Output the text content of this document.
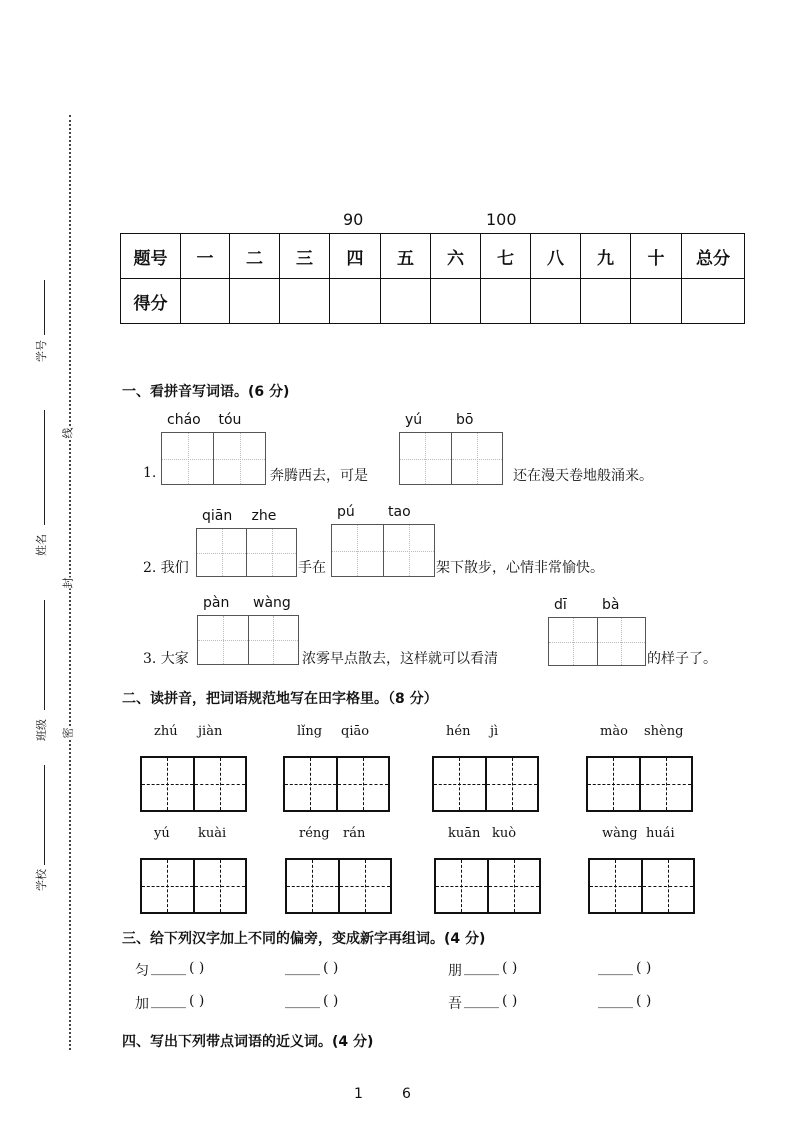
学号
姓名
班级
学校
线
封
密
90	100
题号	一	二	三	四	五	六	七	八	九	十	总分
得分											
一、看拼音写词语。(6 分)
1.
cháo tóu	yú bō
奔腾西去，可是	还在漫天卷地般涌来。
2. 我们
qiān zhe	pú tao
手在	架下散步，心情非常愉快。
3. 大家
pàn wàng	dī	bà
浓雾早点散去，这样就可以看清	的样子了。
二、读拼音，把词语规范地写在田字格里。（8 分）
zhú jiàn	lǐng qiāo	hén jì	mào shèng
yú kuài	réng rán	kuān kuò	wàng huái
三、给下列汉字加上不同的偏旁，变成新字再组词。(4 分)
匀 _____ ( )	_____ ( )	朋 _____ ( )	_____ ( )
加 _____ ( )	_____ ( )	吾 _____ ( )	_____ ( )
四、写出下列带点词语的近义词。(4 分)
1	6
